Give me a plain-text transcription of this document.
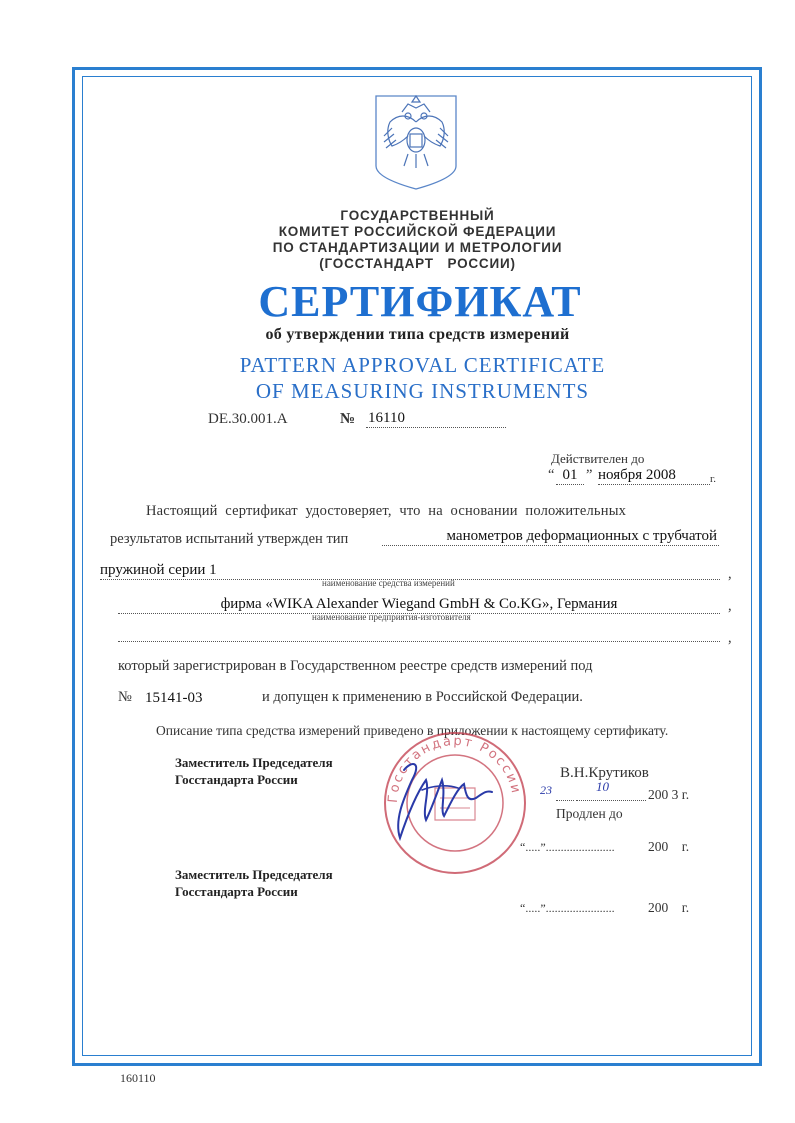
ГОСУДАРСТВЕННЫЙ
КОМИТЕТ РОССИЙСКОЙ ФЕДЕРАЦИИ
ПО СТАНДАРТИЗАЦИИ И МЕТРОЛОГИИ
(ГОССТАНДАРТ   РОССИИ)
СЕРТИФИКАТ
об утверждении типа средств измерений
PATTERN APPROVAL CERTIFICATE
OF MEASURING INSTRUMENTS
DE.30.001.A	№ 16110
Действителен до
“ 01 ” ноября 2008	г.
Настоящий  сертификат  удостоверяет,  что  на  основании  положительных
результатов испытаний утвержден тип	манометров деформационных с трубчатой
пружиной серии 1	,
наименование средства измерений
фирма «WIKA Alexander Wiegand GmbH & Co.KG», Германия	,
наименование предприятия-изготовителя
,
который зарегистрирован в Государственном реестре средств измерений под
№ 15141-03	и допущен к применению в Российской Федерации.
Описание типа средства измерений приведено в приложении к настоящему сертификату.
Госстандарт России
Заместитель Председателя
Госстандарта России	В.Н.Крутиков
23	10
200 3 г.
Продлен до
“.....”....................... 200    г.
Заместитель Председателя
Госстандарта России
“.....”....................... 200    г.
160110
